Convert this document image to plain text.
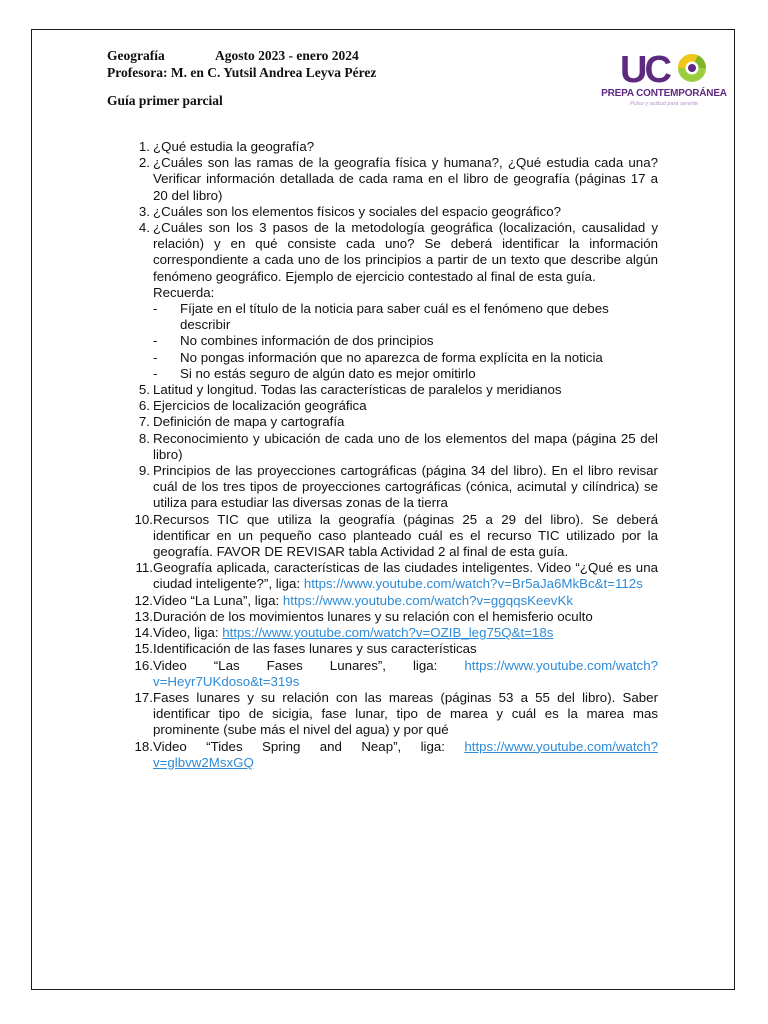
Geografía	Agosto 2023 - enero 2024
Profesora: M. en C. Yutsil Andrea Leyva Pérez
Guía primer parcial
UC
PREPA CONTEMPORÁNEA
Pulso y actitud para servirte
1. ¿Qué estudia la geografía?
2. ¿Cuáles son las ramas de la geografía física y humana?, ¿Qué estudia cada una? Verificar información detallada de cada rama en el libro de geografía (páginas 17 a 20 del libro)
3. ¿Cuáles son los elementos físicos y sociales del espacio geográfico?
4. ¿Cuáles son los 3 pasos de la metodología geográfica (localización, causalidad y relación) y en qué consiste cada uno? Se deberá identificar la información correspondiente a cada uno de los principios a partir de un texto que describe algún fenómeno geográfico. Ejemplo de ejercicio contestado al final de esta guía.
Recuerda:
- Fíjate en el título de la noticia para saber cuál es el fenómeno que debes describir
- No combines información de dos principios
- No pongas información que no aparezca de forma explícita en la noticia
- Si no estás seguro de algún dato es mejor omitirlo
5. Latitud y longitud. Todas las características de paralelos y meridianos
6. Ejercicios de localización geográfica
7. Definición de mapa y cartografía
8. Reconocimiento y ubicación de cada uno de los elementos del mapa (página 25 del libro)
9. Principios de las proyecciones cartográficas (página 34 del libro). En el libro revisar cuál de los tres tipos de proyecciones cartográficas (cónica, acimutal y cilíndrica) se utiliza para estudiar las diversas zonas de la tierra
10. Recursos TIC que utiliza la geografía (páginas 25 a 29 del libro). Se deberá identificar en un pequeño caso planteado cuál es el recurso TIC utilizado por la geografía. FAVOR DE REVISAR tabla Actividad 2 al final de esta guía.
11. Geografía aplicada, características de las ciudades inteligentes. Video “¿Qué es una ciudad inteligente?”, liga: https://www.youtube.com/watch?v=Br5aJa6MkBc&t=112s
12. Video “La Luna”, liga: https://www.youtube.com/watch?v=ggqqsKeevKk
13. Duración de los movimientos lunares y su relación con el hemisferio oculto
14. Video, liga: https://www.youtube.com/watch?v=OZIB_leg75Q&t=18s
15. Identificación de las fases lunares y sus características
16. Video “Las Fases Lunares”, liga: https://www.youtube.com/watch?v=Heyr7UKdoso&t=319s
17. Fases lunares y su relación con las mareas (páginas 53 a 55 del libro). Saber identificar tipo de sicigia, fase lunar, tipo de marea y cuál es la marea mas prominente (sube más el nivel del agua) y por qué
18. Video “Tides Spring and Neap”, liga: https://www.youtube.com/watch?v=glbvw2MsxGQ
